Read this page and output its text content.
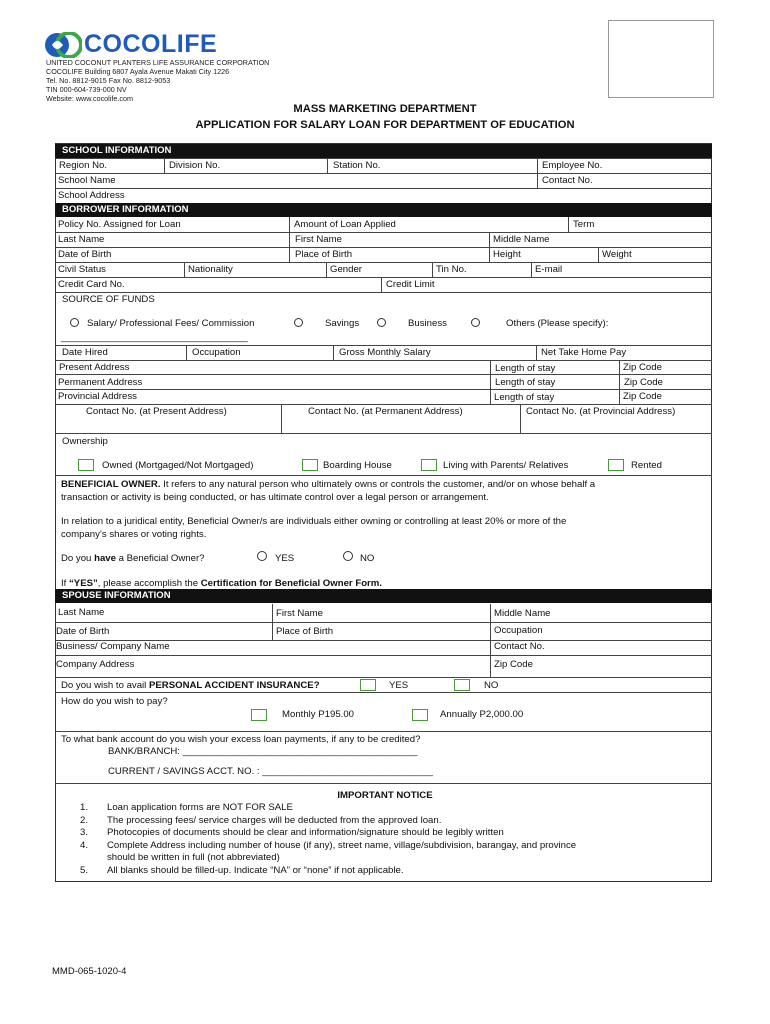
COCOLIFE
UNITED COCONUT PLANTERS LIFE ASSURANCE CORPORATION
COCOLIFE Building 6807 Ayala Avenue Makati City 1226
Tel. No. 8812-9015 Fax No. 8812-9053
TIN 000-604-739-000 NV
Website: www.cocolife.com
MASS MARKETING DEPARTMENT
APPLICATION FOR SALARY LOAN FOR DEPARTMENT OF EDUCATION
SCHOOL INFORMATION
Region No.	Division No.	Station No.	Employee No.
School Name	Contact No.
School Address
BORROWER INFORMATION
Policy No. Assigned for Loan	Amount of Loan Applied	Term
Last Name	First Name	Middle Name
Date of Birth	Place of Birth	Height	Weight
Civil Status	Nationality	Gender	Tin No.	E-mail
Credit Card No.	Credit Limit
SOURCE OF FUNDS
Salary/ Professional Fees/ Commission	Savings	Business	Others (Please specify):
___________________________________
Date Hired	Occupation	Gross Monthly Salary	Net Take Home Pay
Present Address	Length of stay	Zip Code
Permanent Address	Length of stay	Zip Code
Provincial Address	Length of stay	Zip Code
Contact No. (at Present Address)	Contact No. (at Permanent Address)	Contact No. (at Provincial Address)
Ownership
Owned (Mortgaged/Not Mortgaged)	Boarding House	Living with Parents/ Relatives	Rented
BENEFICIAL OWNER. It refers to any natural person who ultimately owns or controls the customer, and/or on whose behalf a
transaction or activity is being conducted, or has ultimate control over a legal person or arrangement.
In relation to a juridical entity, Beneficial Owner/s are individuals either owning or controlling at least 20% or more of the
company’s shares or voting rights.
Do you have a Beneficial Owner?	YES	NO
If “YES”, please accomplish the Certification for Beneficial Owner Form.
SPOUSE INFORMATION
Last Name	First Name	Middle Name
Date of Birth	Place of Birth	Occupation
Business/ Company Name	Contact No.
Company Address	Zip Code
Do you wish to avail PERSONAL ACCIDENT INSURANCE?	YES	NO
How do you wish to pay?
Monthly P195.00	Annually P2,000.00
To what bank account do you wish your excess loan payments, if any to be credited?
BANK/BRANCH: ____________________________________________
CURRENT / SAVINGS ACCT. NO. : ________________________________
IMPORTANT NOTICE
1. Loan application forms are NOT FOR SALE
2. The processing fees/ service charges will be deducted from the approved loan.
3. Photocopies of documents should be clear and information/signature should be legibly written
4. Complete Address including number of house (if any), street name, village/subdivision, barangay, and province
should be written in full (not abbreviated)
5. All blanks should be filled-up. Indicate “NA” or “none” if not applicable.
MMD-065-1020-4
